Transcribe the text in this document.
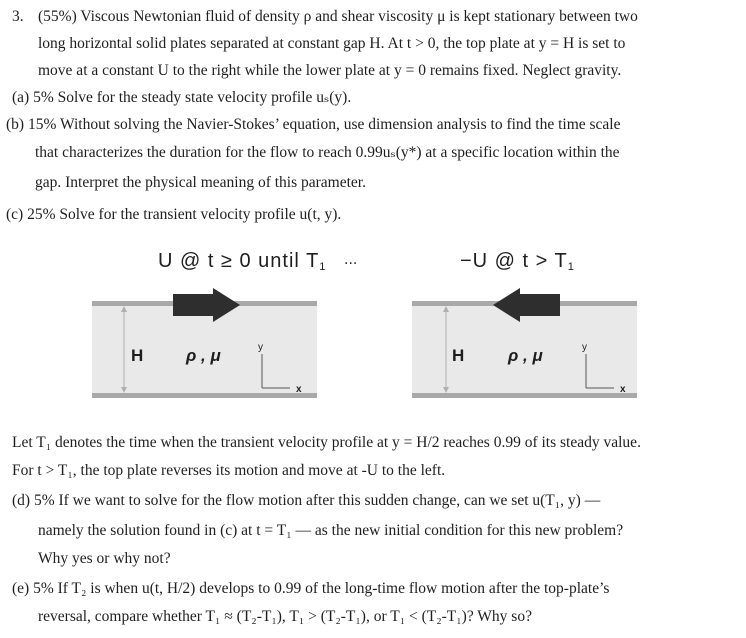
3. (55%) Viscous Newtonian fluid of density ρ and shear viscosity μ is kept stationary between two
long horizontal solid plates separated at constant gap H. At t > 0, the top plate at y = H is set to
move at a constant U to the right while the lower plate at y = 0 remains fixed. Neglect gravity.
(a) 5% Solve for the steady state velocity profile uₛ(y).
(b) 15% Without solving the Navier-Stokes’ equation, use dimension analysis to find the time scale
that characterizes the duration for the flow to reach 0.99uₛ(y*) at a specific location within the
gap. Interpret the physical meaning of this parameter.
(c) 25% Solve for the transient velocity profile u(t, y).
U @ t ≥ 0 until $T_1$ ···	−U @ $t > T_1$
H	ρ , μ	y
x
H	ρ , μ	y
x
Let T₁ denotes the time when the transient velocity profile at y = H/2 reaches 0.99 of its steady value.
For t > T₁, the top plate reverses its motion and move at -U to the left.
(d) 5% If we want to solve for the flow motion after this sudden change, can we set u(T₁, y) —
namely the solution found in (c) at t = T₁ — as the new initial condition for this new problem?
Why yes or why not?
(e) 5% If T₂ is when u(t, H/2) develops to 0.99 of the long-time flow motion after the top-plate’s
reversal, compare whether T₁ ≈ (T₂-T₁), T₁ > (T₂-T₁), or T₁ < (T₂-T₁)? Why so?
